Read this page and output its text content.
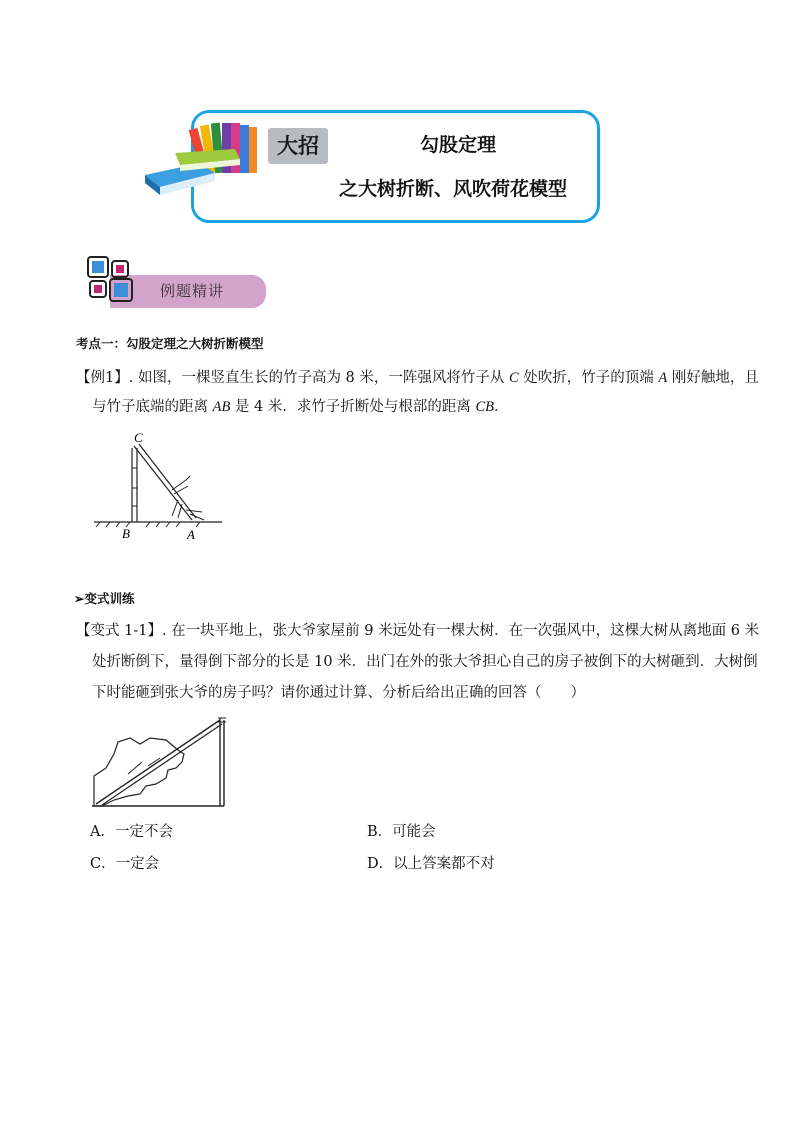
大招	勾股定理
之大树折断、风吹荷花模型
例题精讲
考点一：勾股定理之大树折断模型
【例1】. 如图，一棵竖直生长的竹子高为 8 米，一阵强风将竹子从 C 处吹折，竹子的顶端 A 刚好触地，且
与竹子底端的距离 AB 是 4 米．求竹子折断处与根部的距离 CB．
C
B	A
➢变式训练
【变式 1-1】. 在一块平地上，张大爷家屋前 9 米远处有一棵大树．在一次强风中，这棵大树从离地面 6 米
处折断倒下，量得倒下部分的长是 10 米．出门在外的张大爷担心自己的房子被倒下的大树砸到．大树倒
下时能砸到张大爷的房子吗？请你通过计算、分析后给出正确的回答（　　）
A．一定不会	B．可能会
C．一定会	D．以上答案都不对
